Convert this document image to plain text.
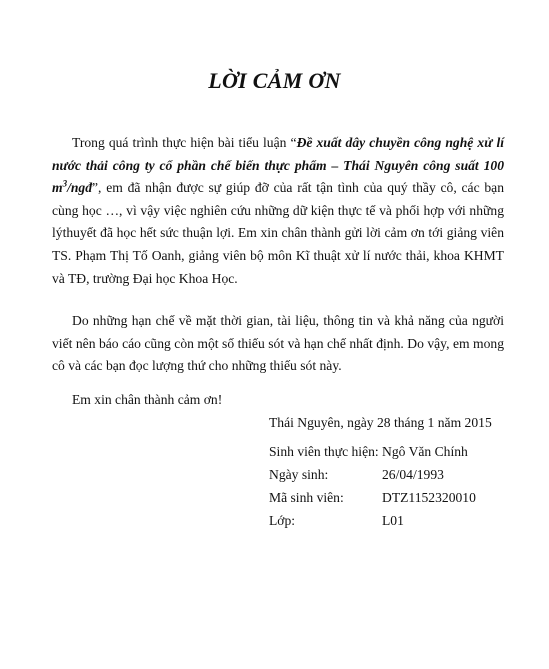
LỜI CẢM ƠN
Trong quá trình thực hiện bài tiểu luận “Đề xuất dây chuyền công nghệ xử lí nước thải công ty cổ phần chế biến thực phẩm – Thái Nguyên công suất 100 $m^3$/ngđ”, em đã nhận được sự giúp đỡ của rất tận tình của quý thầy cô, các bạn cùng học …, vì vậy việc nghiên cứu những dữ kiện thực tế và phối hợp với những lýthuyết đã học hết sức thuận lợi. Em xin chân thành gửi lời cảm ơn tới giảng viên TS. Phạm Thị Tố Oanh, giảng viên bộ môn Kĩ thuật xử lí nước thải, khoa KHMT và TĐ, trường Đại học Khoa Học.
Do những hạn chế về mặt thời gian, tài liệu, thông tin và khả năng của người viết nên báo cáo cũng còn một số thiếu sót và hạn chế nhất định. Do vậy, em mong cô và các bạn đọc lượng thứ cho những thiếu sót này.
Em xin chân thành cảm ơn!
Thái Nguyên, ngày 28 tháng 1 năm 2015
Sinh viên thực hiện: Ngô Văn Chính
Ngày sinh:	26/04/1993
Mã sinh viên:	DTZ1152320010
Lớp:	L01
